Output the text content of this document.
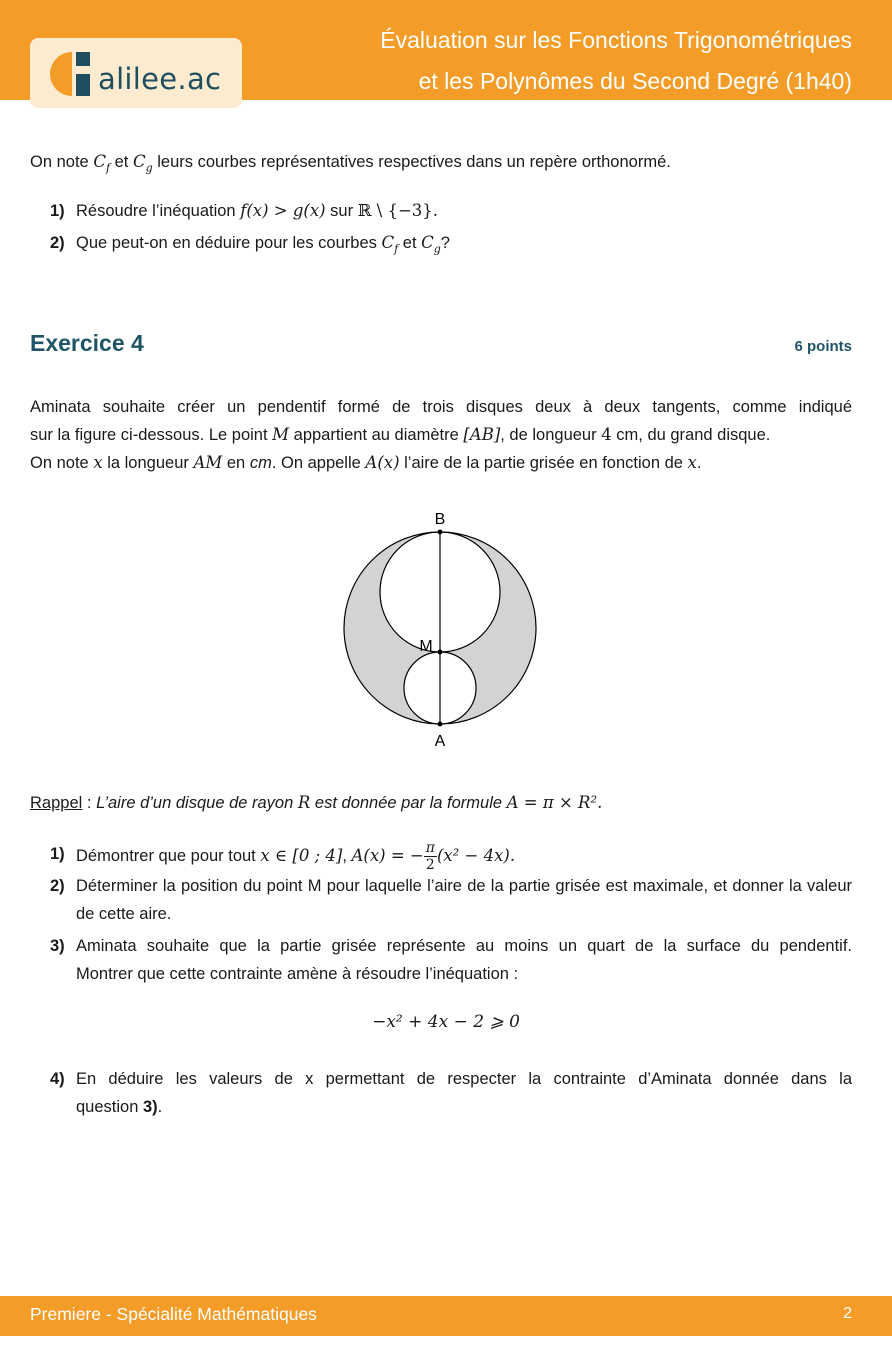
alilee.ac
Évaluation sur les Fonctions Trigonométriques
et les Polynômes du Second Degré (1h40)

On note $C_f$ et $C_g$ leurs courbes représentatives respectives dans un repère orthonormé.

1) Résoudre l’inéquation f(x) > g(x) sur ℝ \ {−3}.
2) Que peut-on en déduire pour les courbes $C_f$ et $C_g$?
Exercice 4	6 points

Aminata souhaite créer un pendentif formé de trois disques deux à deux tangents, comme indiqué

sur la figure ci-dessous. Le point M appartient au diamètre [AB], de longueur 4 cm, du grand disque.

On note x la longueur AM en cm. On appelle A(x) l’aire de la partie grisée en fonction de x.

B
M
A

Rappel : L’aire d’un disque de rayon R est donnée par la formule A = π × R².

1) Démontrer que pour tout x ∈ [0 ; 4], A(x) = − $\frac{\pi}{2} (x^2 - 4x)$.
2) Déterminer la position du point M pour laquelle l’aire de la partie grisée est maximale, et donner la valeur de cette aire.
3) Aminata souhaite que la partie grisée représente au moins un quart de la surface du pendentif.
Montrer que cette contrainte amène à résoudre l’inéquation :
−x² + 4x − 2 ⩾ 0
4) En déduire les valeurs de x permettant de respecter la contrainte d’Aminata donnée dans la
question 3).
Premiere - Spécialité Mathématiques	2
